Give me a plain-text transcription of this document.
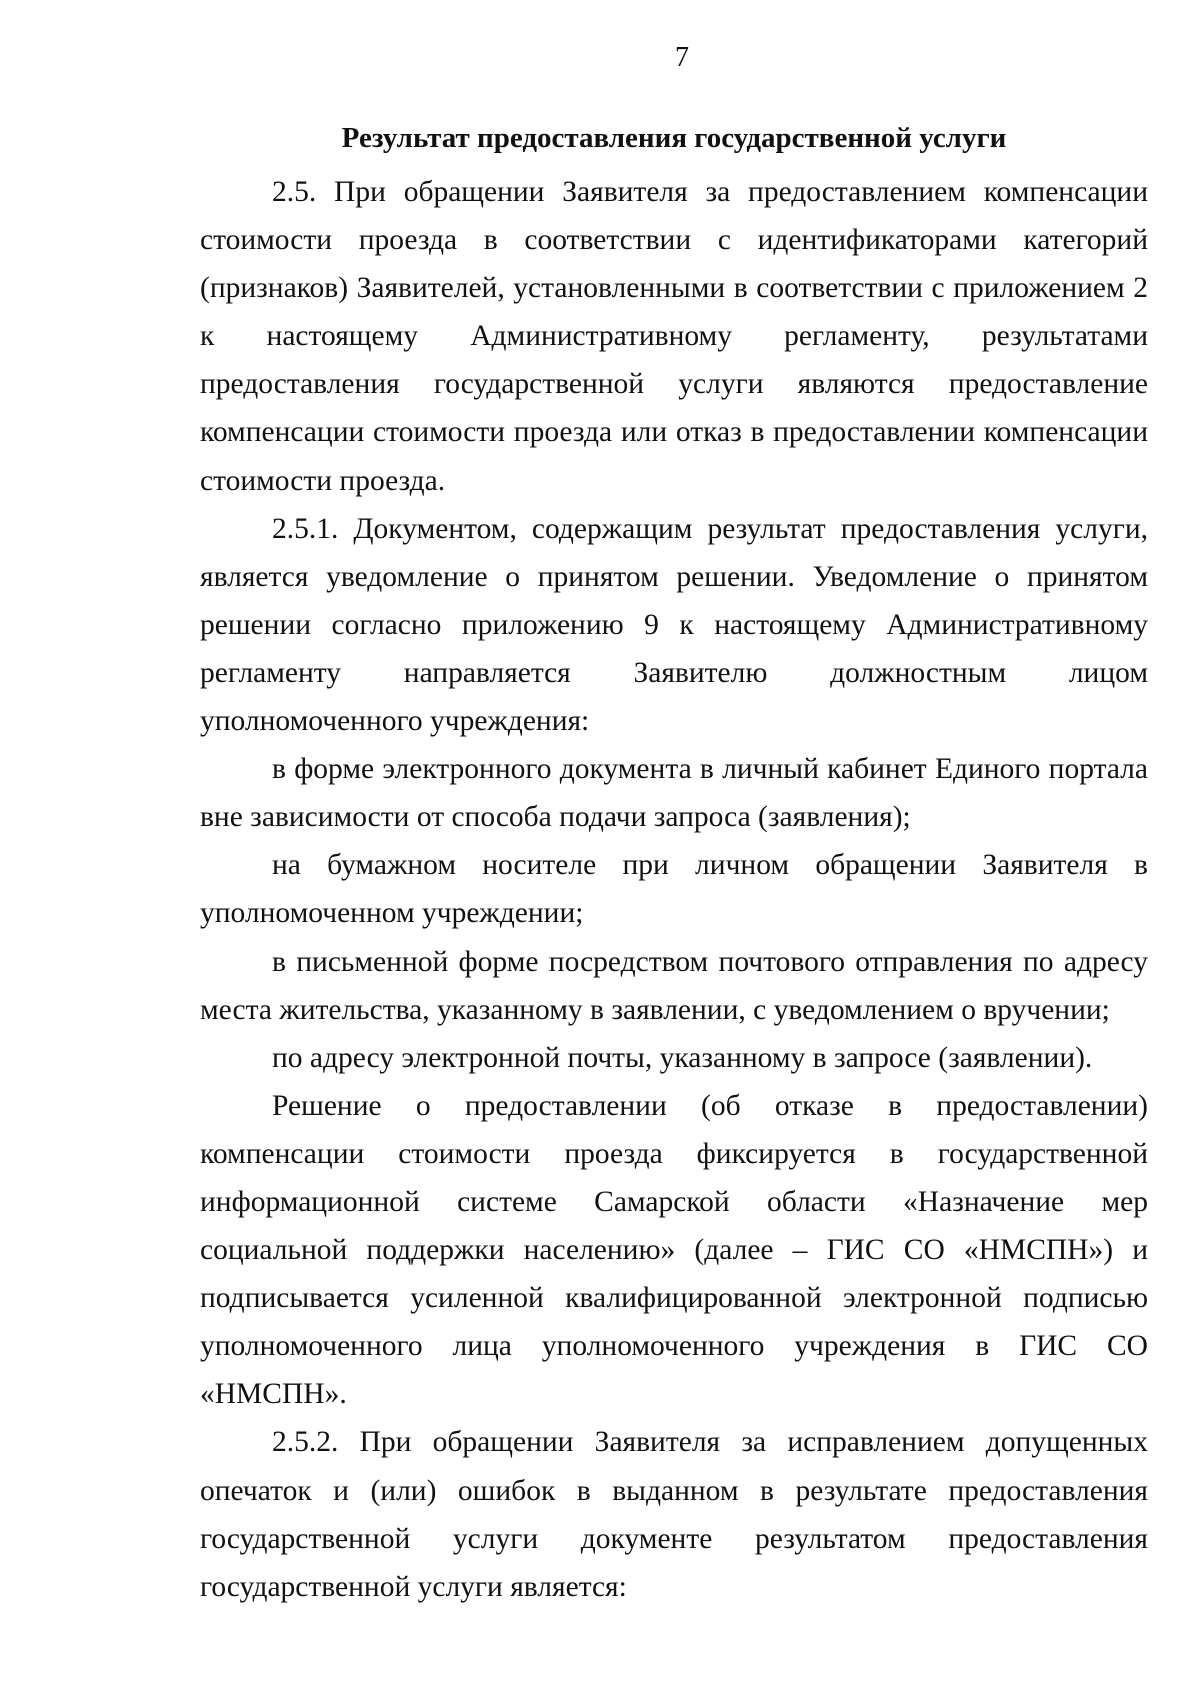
7
Результат предоставления государственной услуги

2.5. При обращении Заявителя за предоставлением компенсации стоимости проезда в соответствии с идентификаторами категорий (признаков) Заявителей, установленными в соответствии с приложением 2 к настоящему Административному регламенту, результатами предоставления государственной услуги являются предоставление компенсации стоимости проезда или отказ в предоставлении компенсации стоимости проезда.

2.5.1. Документом, содержащим результат предоставления услуги, является уведомление о принятом решении. Уведомление о принятом решении согласно приложению 9 к настоящему Административному регламенту направляется Заявителю должностным лицом уполномоченного учреждения:

в форме электронного документа в личный кабинет Единого портала вне зависимости от способа подачи запроса (заявления);

на бумажном носителе при личном обращении Заявителя в уполномоченном учреждении;

в письменной форме посредством почтового отправления по адресу места жительства, указанному в заявлении, с уведомлением о вручении;

по адресу электронной почты, указанному в запросе (заявлении).

Решение о предоставлении (об отказе в предоставлении) компенсации стоимости проезда фиксируется в государственной информационной системе Самарской области «Назначение мер социальной поддержки населению» (далее – ГИС СО «НМСПН») и подписывается усиленной квалифицированной электронной подписью уполномоченного лица уполномоченного учреждения в ГИС СО «НМСПН».

2.5.2. При обращении Заявителя за исправлением допущенных опечаток и (или) ошибок в выданном в результате предоставления государственной услуги документе результатом предоставления государственной услуги является:
